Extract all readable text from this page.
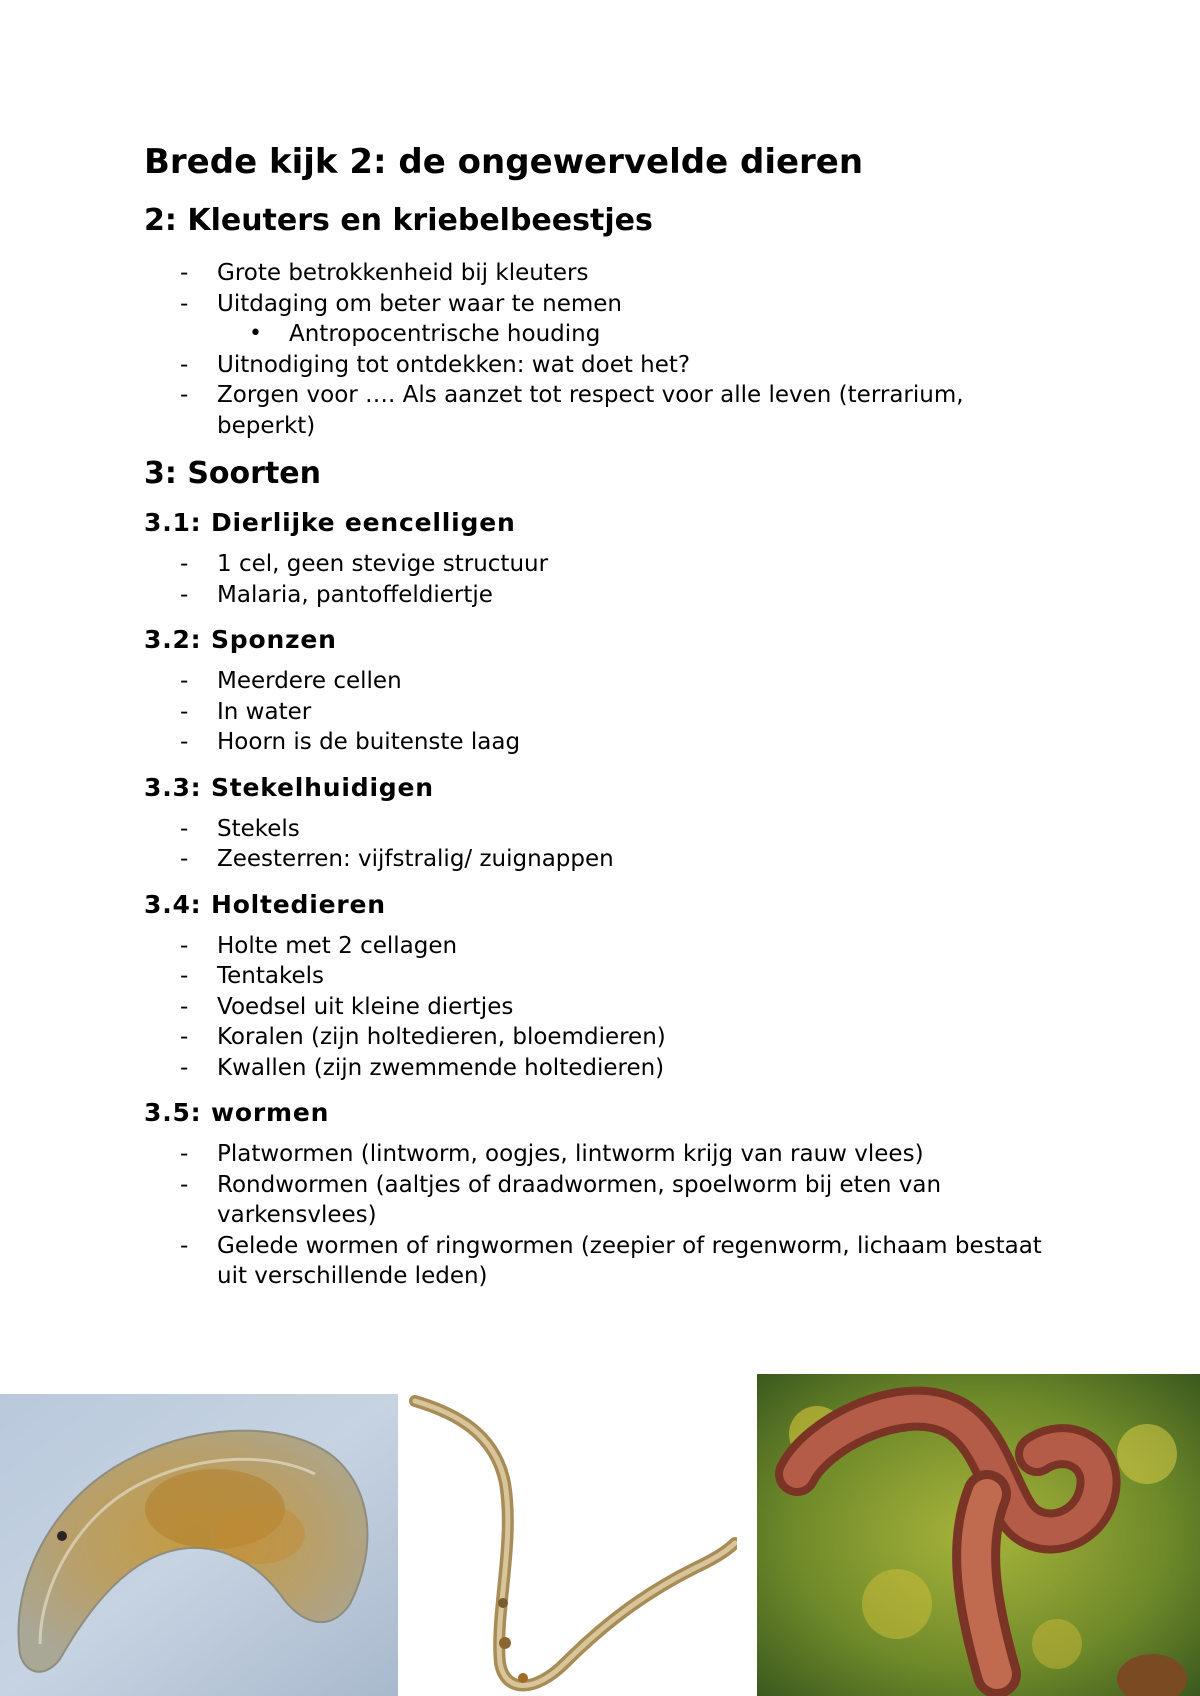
Brede kijk 2: de ongewervelde dieren
2: Kleuters en kriebelbeestjes
- Grote betrokkenheid bij kleuters
- Uitdaging om beter waar te nemen
• Antropocentrische houding
- Uitnodiging tot ontdekken: wat doet het?
- Zorgen voor …. Als aanzet tot respect voor alle leven (terrarium, beperkt)
3: Soorten
3.1: Dierlijke eencelligen
- 1 cel, geen stevige structuur
- Malaria, pantoffeldiertje
3.2: Sponzen
- Meerdere cellen
- In water
- Hoorn is de buitenste laag
3.3: Stekelhuidigen
- Stekels
- Zeesterren: vijfstralig/ zuignappen
3.4: Holtedieren
- Holte met 2 cellagen
- Tentakels
- Voedsel uit kleine diertjes
- Koralen (zijn holtedieren, bloemdieren)
- Kwallen (zijn zwemmende holtedieren)
3.5: wormen
- Platwormen (lintworm, oogjes, lintworm krijg van rauw vlees)
- Rondwormen (aaltjes of draadwormen, spoelworm bij eten van varkensvlees)
- Gelede wormen of ringwormen (zeepier of regenworm, lichaam bestaat uit verschillende leden)
